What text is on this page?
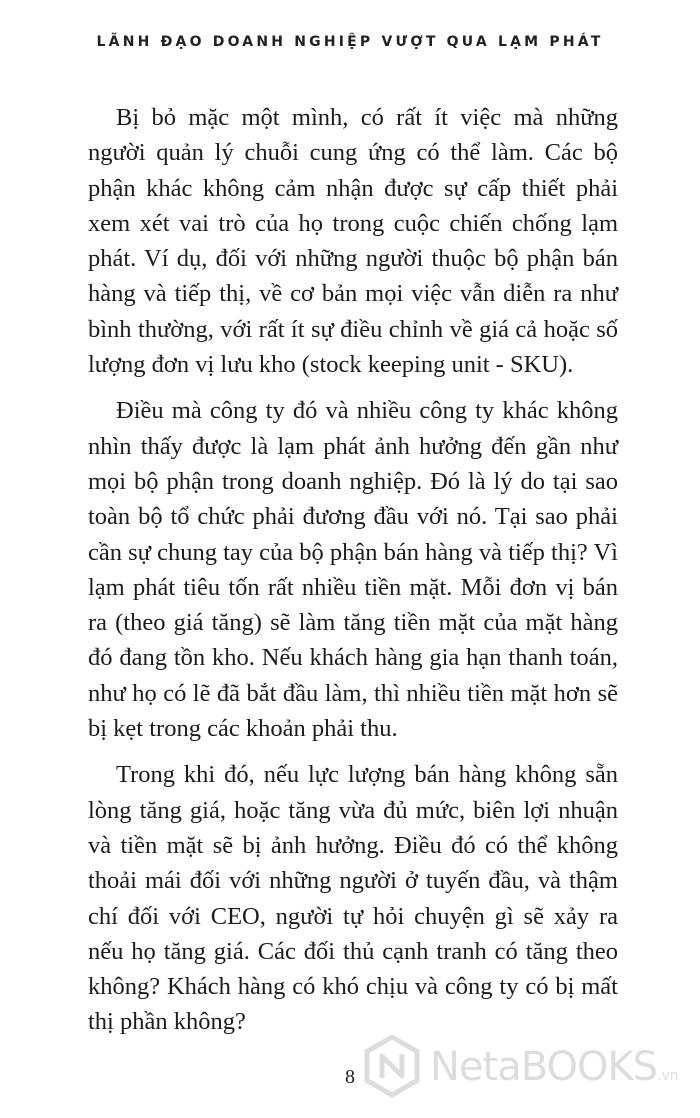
LÃNH ĐẠO DOANH NGHIỆP VƯỢT QUA LẠM PHÁT

Bị bỏ mặc một mình, có rất ít việc mà những người quản lý chuỗi cung ứng có thể làm. Các bộ phận khác không cảm nhận được sự cấp thiết phải xem xét vai trò của họ trong cuộc chiến chống lạm phát. Ví dụ, đối với những người thuộc bộ phận bán hàng và tiếp thị, về cơ bản mọi việc vẫn diễn ra như bình thường, với rất ít sự điều chỉnh về giá cả hoặc số lượng đơn vị lưu kho (stock keeping unit - SKU).

Điều mà công ty đó và nhiều công ty khác không nhìn thấy được là lạm phát ảnh hưởng đến gần như mọi bộ phận trong doanh nghiệp. Đó là lý do tại sao toàn bộ tổ chức phải đương đầu với nó. Tại sao phải cần sự chung tay của bộ phận bán hàng và tiếp thị? Vì lạm phát tiêu tốn rất nhiều tiền mặt. Mỗi đơn vị bán ra (theo giá tăng) sẽ làm tăng tiền mặt của mặt hàng đó đang tồn kho. Nếu khách hàng gia hạn thanh toán, như họ có lẽ đã bắt đầu làm, thì nhiều tiền mặt hơn sẽ bị kẹt trong các khoản phải thu.

Trong khi đó, nếu lực lượng bán hàng không sẵn lòng tăng giá, hoặc tăng vừa đủ mức, biên lợi nhuận và tiền mặt sẽ bị ảnh hưởng. Điều đó có thể không thoải mái đối với những người ở tuyến đầu, và thậm chí đối với CEO, người tự hỏi chuyện gì sẽ xảy ra nếu họ tăng giá. Các đối thủ cạnh tranh có tăng theo không? Khách hàng có khó chịu và công ty có bị mất thị phần không?

8	NetaBOOKS.vn
